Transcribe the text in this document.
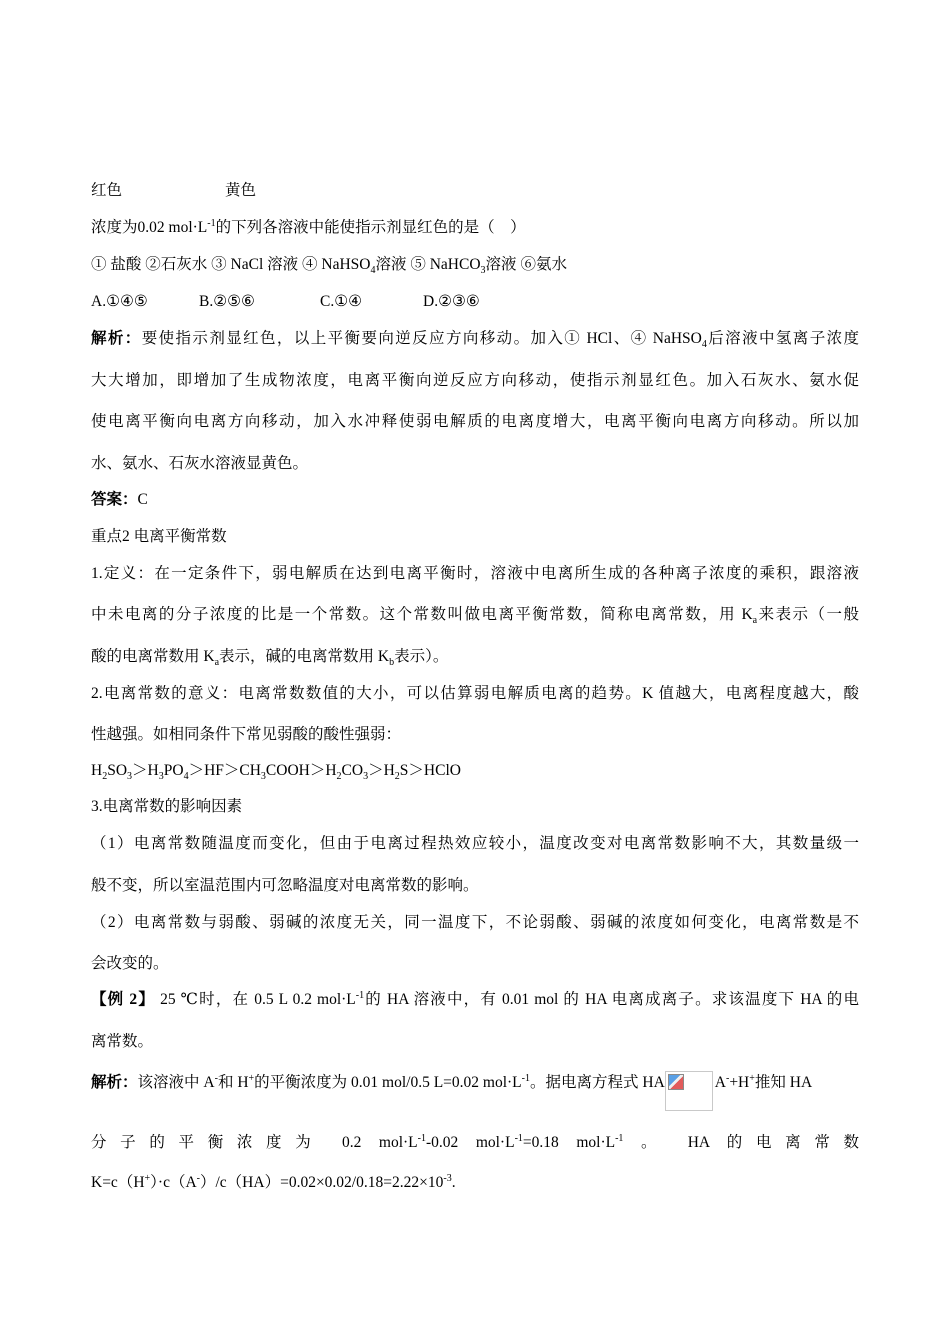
红色	黄色
浓度为0.02 $mol\cdot L^{-1}$的下列各溶液中能使指示剂显红色的是（　）
① 盐酸 ②石灰水 ③ NaCl 溶液 ④ NaHSO$_4$溶液 ⑤ NaHCO$_3$溶液 ⑥氨水
A.①④⑤	B.②⑤⑥	C.①④	D.②③⑥
解析：要使指示剂显红色，以上平衡要向逆反应方向移动。加入① HCl、④ NaHSO$_4$后溶液中氢离子浓度
大大增加，即增加了生成物浓度，电离平衡向逆反应方向移动，使指示剂显红色。加入石灰水、氨水促
使电离平衡向电离方向移动，加入水冲释使弱电解质的电离度增大，电离平衡向电离方向移动。所以加
水、氨水、石灰水溶液显黄色。
答案：C
重点2 电离平衡常数
1.定义：在一定条件下，弱电解质在达到电离平衡时，溶液中电离所生成的各种离子浓度的乘积，跟溶液
中未电离的分子浓度的比是一个常数。这个常数叫做电离平衡常数，简称电离常数，用 $K_a$来表示（一般
酸的电离常数用 $K_a$表示，碱的电离常数用 $K_b$表示）。
2.电离常数的意义：电离常数数值的大小，可以估算弱电解质电离的趋势。K 值越大，电离程度越大，酸
性越强。如相同条件下常见弱酸的酸性强弱：
$H_2SO_3>H_3PO_4>HF>CH_3COOH>H_2CO_3>H_2S>HClO$
3.电离常数的影响因素
（1）电离常数随温度而变化，但由于电离过程热效应较小，温度改变对电离常数影响不大，其数量级一
般不变，所以室温范围内可忽略温度对电离常数的影响。
（2）电离常数与弱酸、弱碱的浓度无关，同一温度下，不论弱酸、弱碱的浓度如何变化，电离常数是不
会改变的。
【例 2】 25 ℃时，在 0.5 L 0.2 $mol\cdot L^{-1}$的 HA 溶液中，有 0.01 mol 的 HA 电离成离子。求该温度下 HA 的电
离常数。
解析：该溶液中 A-和 H+的平衡浓度为 0.01 mol/0.5 L=0.02 $mol\cdot L^{-1}$。据电离方程式 HA	A-+H+推知 HA
分子的平衡浓度为 0.2 $mol\cdot L^{-1}-0.02$ $mol\cdot L^{-1}=0.18$ $mol\cdot L^{-1}$ 。 HA 的电离常数
$K=c(H^+)\cdot c(A^-)/c(HA)=0.02\times 0.02/0.18=2.22\times 10^{-3}$.
